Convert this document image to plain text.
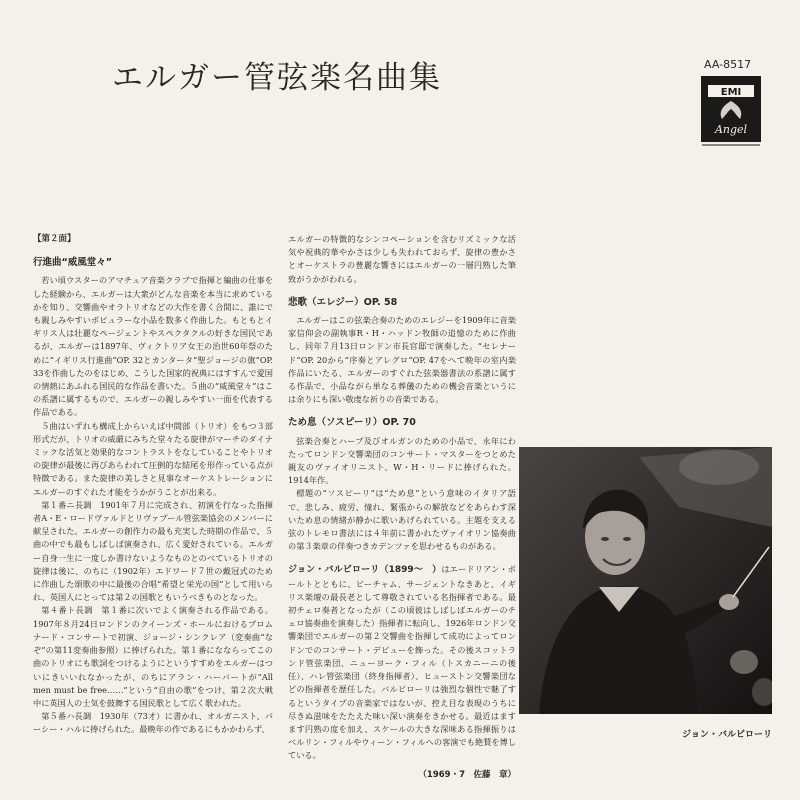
エルガー管弦楽名曲集	AA-8517
EMI
Angel
【第２面】
行進曲“威風堂々”

若い頃ウスターのアマチュア音楽クラブで指揮と編曲の仕事をした経験から、エルガーは大衆がどんな音楽を本当に求めているかを知り、交響曲やオラトリオなどの大作を書く合間に、誰にでも親しみやすいポピュラーな小品を数多く作曲した。もともとイギリス人は壮麗なページェントやスペクタクルの好きな国民であるが、エルガーは1897年、ヴィクトリア女王の治世60年祭のために“イギリス行進曲”OP. 32とカンタータ“聖ジョージの旗”OP. 33を作曲したのをはじめ、こうした国家的祝典にはすすんで愛国の情熱にあふれる国民的な作品を書いた。５曲の“威風堂々”はこの系譜に属するもので、エルガーの親しみやすい一面を代表する作品である。

５曲はいずれも構成上からいえば中間部（トリオ）をもつ３部形式だが、トリオの威厳にみちた堂々たる旋律がマーチのダイナミックな活気と効果的なコントラストをなしていることやトリオの旋律が最後に再びあらわれて圧倒的な結尾を形作っている点が特徴である。また旋律の美しさと見事なオーケストレーションにエルガーのすぐれた才能をうかがうことが出来る。

第１番ニ長調　1901年７月に完成され、初演を行なった指揮者A・E・ロードヴァルドとリヴァプール管弦楽協会のメンバーに献呈された。エルガーの創作力の最も充実した時期の作品で、５曲の中でも最もしばしば演奏され、広く愛好されている。エルガー自身一生に一度しか書けないようなものとのべているトリオの旋律は後に、のちに（1902年）エドワード７世の戴冠式のために作曲した頌歌の中に最後の合唱“希望と栄光の国”として用いられ、英国人にとっては第２の国歌ともいうべきものとなった。

第４番ト長調　第１番に次いでよく演奏される作品である。1907年８月24日ロンドンのクイーンズ・ホールにおけるプロムナード・コンサートで初演、ジョージ・シンクレア（変奏曲“なぞ”の第11変奏曲参照）に捧げられた。第１番になならってこの曲のトリオにも歌詞をつけるようにというすすめをエルガーはついにきいいれなかったが、のちにアラン・ハーバートが“All men must be free……”という“自由の歌”をつけ、第２次大戦中に英国人の士気を鼓舞する国民歌として広く歌われた。

第５番ハ長調　1930年（73才）に書かれ、オルガニスト、パーシー・ハルに捧げられた。最晩年の作であるにもかかわらず、

エルガーの特徴的なシンコペーションを含むリズミックな活気や祝典的華やかさは少しも失われておらず、旋律の豊かさとオーケストラの豊麗な響きにはエルガーの一層円熟した筆致がうかがわれる。

悲歌（エレジー）OP. 58

エルガーはこの弦楽合奏のためのエレジーを1909年に音楽家信仰会の副執事R・H・ハッドン牧師の追憶のために作曲し、同年７月13日ロンドン市長官邸で演奏した。“セレナード”OP. 20から“序奏とアレグロ”OP. 47をへて晩年の室内楽作品にいたる、エルガーのすぐれた弦楽器書法の系譜に属する作品で、小品ながら単なる葬儀のための機会音楽というには余りにも深い敬虔な祈りの音楽である。

ため息（ソスピーリ）OP. 70

弦楽合奏とハープ及びオルガンのための小品で、永年にわたってロンドン交響楽団のコンサート・マスターをつとめた親友のヴァイオリニスト、W・H・リードに捧げられた。1914年作。

標題の“ソスピーリ”は“ため息”という意味のイタリア語で、悲しみ、疲労、憧れ、緊張からの解放などをあらわす深いため息の情緒が静かに歌いあげられている。主題を支える弦のトレモロ書法には４年前に書かれたヴァイオリン協奏曲の第３楽章の伴奏つきカデンツァを思わせるものがある。

ジョン・バルビローリ（1899〜　）はエードリアン・ボールトとともに、ビーチャム、サージェントなきあと、イギリス楽壇の最長老として尊敬されている名指揮者である。最初チェロ奏者となったが（この頃彼はしばしばエルガーのチェロ協奏曲を演奏した）指揮者に転向し、1926年ロンドン交響楽団でエルガーの第２交響曲を指揮して成功によってロンドンでのコンサート・デビューを飾った。その後スコットランド管弦楽団、ニューヨーク・フィル（トスカニーニの後任）、ハレ管弦楽団（終身指揮者）、ヒューストン交響楽団などの指揮者を歴任した。バルビローリは強烈な個性で魅了するというタイプの音楽家ではないが、控え目な表現のうちに尽きぬ滋味をたたえた味い深い演奏をきかせる。最近はますます円熟の度を加え、スケールの大きな深味ある指揮振りはベルリン・フィルやウィーン・フィルへの客演でも絶賛を博している。

（1969・7　佐藤　章）
ジョン・バルビローリ
